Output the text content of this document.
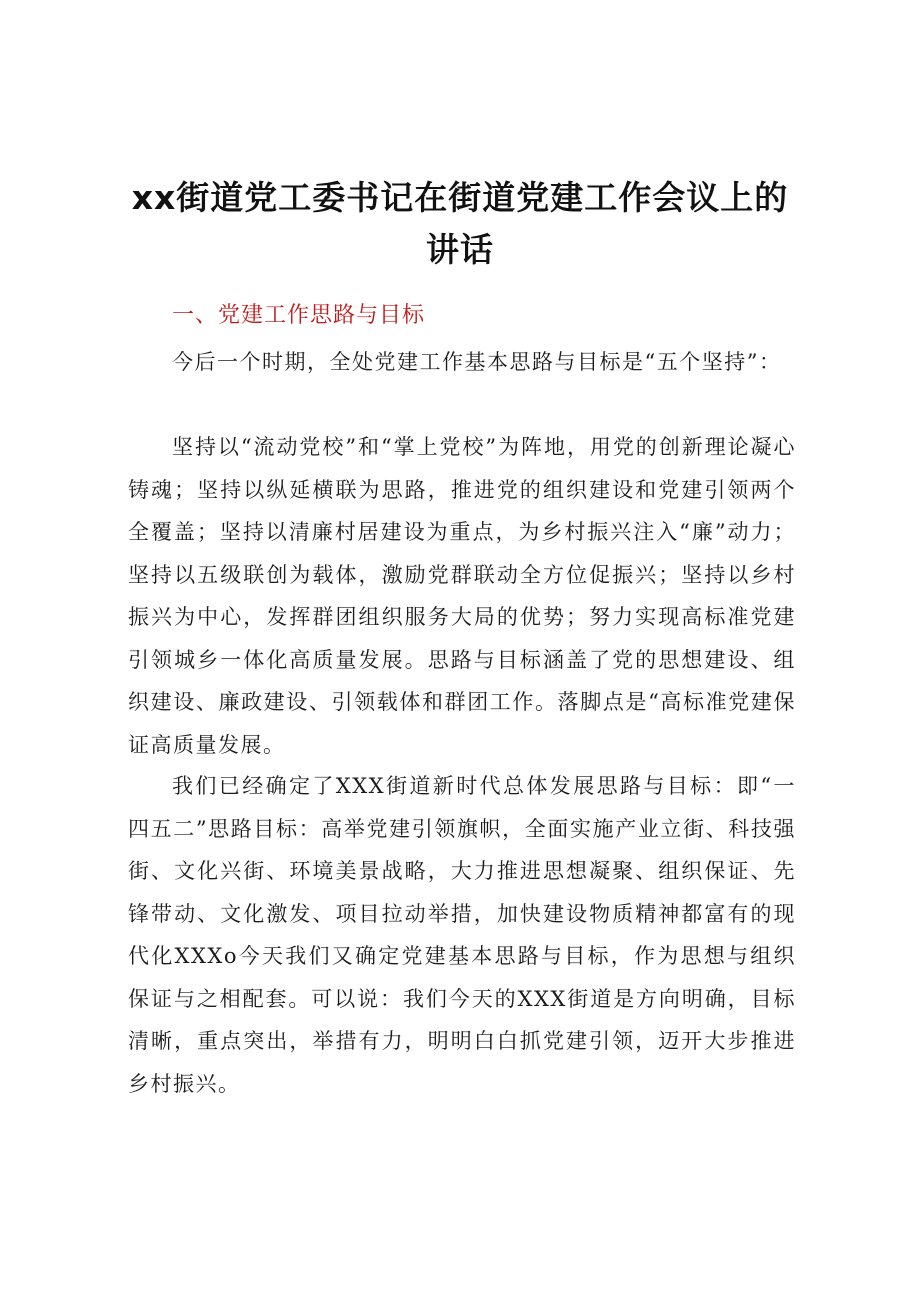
xx街道党工委书记在街道党建工作会议上的
讲话
一、党建工作思路与目标

今后一个时期，全处党建工作基本思路与目标是“五个坚持”：

坚持以“流动党校”和“掌上党校”为阵地，用党的创新理论凝心铸魂；坚持以纵延横联为思路，推进党的组织建设和党建引领两个全覆盖；坚持以清廉村居建设为重点，为乡村振兴注入“廉”动力；坚持以五级联创为载体，激励党群联动全方位促振兴；坚持以乡村振兴为中心，发挥群团组织服务大局的优势；努力实现高标准党建引领城乡一体化高质量发展。思路与目标涵盖了党的思想建设、组织建设、廉政建设、引领载体和群团工作。落脚点是“高标准党建保证高质量发展。

我们已经确定了XXX街道新时代总体发展思路与目标：即“一四五二”思路目标：高举党建引领旗帜，全面实施产业立街、科技强街、文化兴街、环境美景战略，大力推进思想凝聚、组织保证、先锋带动、文化激发、项目拉动举措，加快建设物质精神都富有的现代化XXXo今天我们又确定党建基本思路与目标，作为思想与组织保证与之相配套。可以说：我们今天的XXX街道是方向明确，目标清晰，重点突出，举措有力，明明白白抓党建引领，迈开大步推进乡村振兴。
